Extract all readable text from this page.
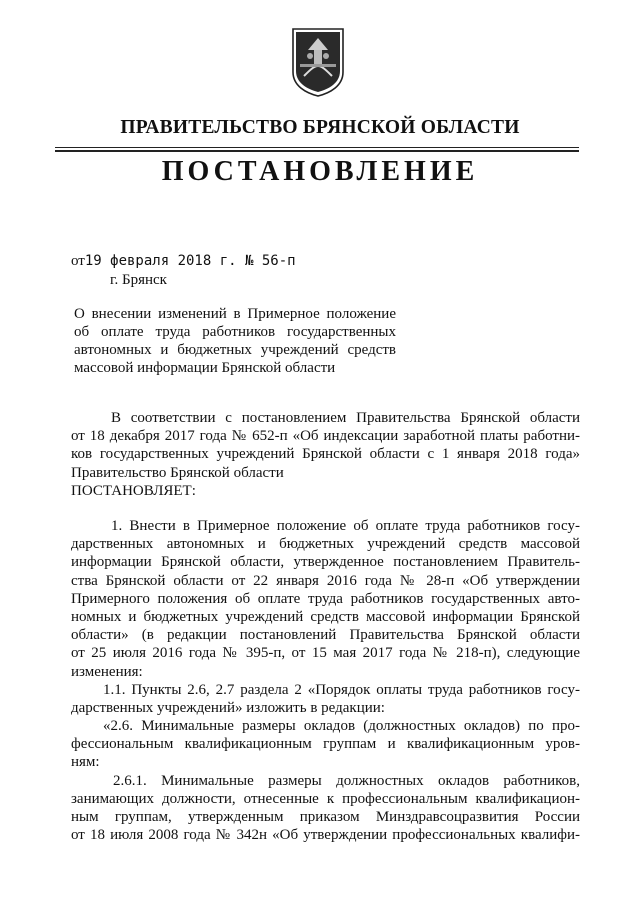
ПРАВИТЕЛЬСТВО БРЯНСКОЙ ОБЛАСТИ
ПОСТАНОВЛЕНИЕ
от19 февраля 2018 г. № 56-п
г. Брянск
О внесении изменений в Примерное положение
об оплате труда работников государственных
автономных и бюджетных учреждений средств
массовой информации Брянской области
В соответствии с постановлением Правительства Брянской области
от 18 декабря 2017 года № 652-п «Об индексации заработной платы работни-
ков государственных учреждений Брянской области с 1 января 2018 года»
Правительство Брянской области
ПОСТАНОВЛЯЕТ:
1. Внести в Примерное положение об оплате труда работников госу-
дарственных автономных и бюджетных учреждений средств массовой
информации Брянской области, утвержденное постановлением Правитель-
ства Брянской области от 22 января 2016 года № 28-п «Об утверждении
Примерного положения об оплате труда работников государственных авто-
номных и бюджетных учреждений средств массовой информации Брянской
области» (в редакции постановлений Правительства Брянской области
от 25 июля 2016 года № 395-п, от 15 мая 2017 года № 218-п), следующие
изменения:
1.1. Пункты 2.6, 2.7 раздела 2 «Порядок оплаты труда работников госу-
дарственных учреждений» изложить в редакции:
«2.6. Минимальные размеры окладов (должностных окладов) по про-
фессиональным квалификационным группам и квалификационным уров-
ням:
2.6.1. Минимальные размеры должностных окладов работников,
занимающих должности, отнесенные к профессиональным квалификацион-
ным группам, утвержденным приказом Минздравсоцразвития России
от 18 июля 2008 года № 342н «Об утверждении профессиональных квалифи-
